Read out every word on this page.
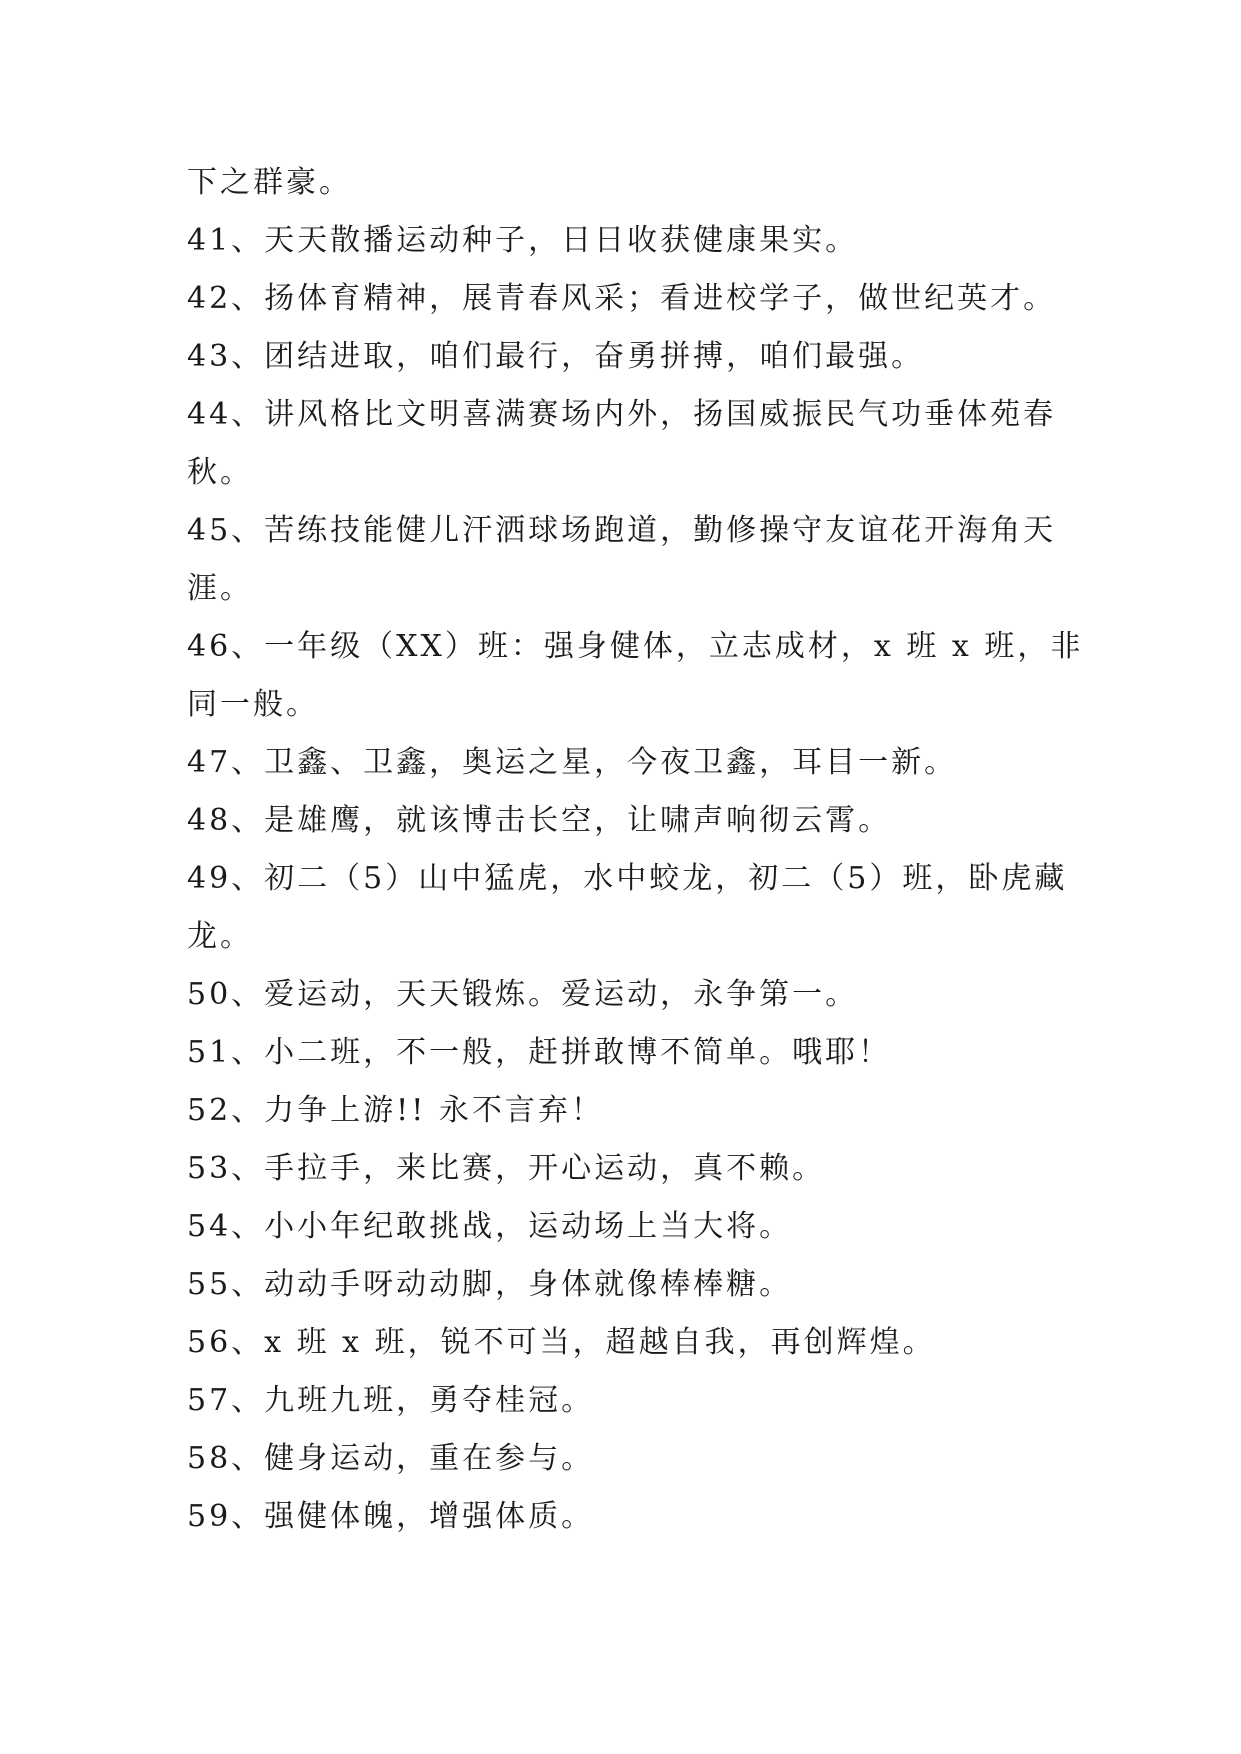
下之群豪。
41、天天散播运动种子，日日收获健康果实。
42、扬体育精神，展青春风采；看进校学子，做世纪英才。
43、团结进取，咱们最行，奋勇拼搏，咱们最强。
44、讲风格比文明喜满赛场内外，扬国威振民气功垂体苑春
秋。
45、苦练技能健儿汗洒球场跑道，勤修操守友谊花开海角天
涯。
46、一年级（XX）班：强身健体，立志成材，x 班 x 班，非
同一般。
47、卫鑫、卫鑫，奥运之星，今夜卫鑫，耳目一新。
48、是雄鹰，就该博击长空，让啸声响彻云霄。
49、初二（5）山中猛虎，水中蛟龙，初二（5）班，卧虎藏
龙。
50、爱运动，天天锻炼。爱运动，永争第一。
51、小二班，不一般，赶拼敢博不简单。哦耶！
52、力争上游!! 永不言弃！
53、手拉手，来比赛，开心运动，真不赖。
54、小小年纪敢挑战，运动场上当大将。
55、动动手呀动动脚，身体就像棒棒糖。
56、x 班 x 班，锐不可当，超越自我，再创辉煌。
57、九班九班，勇夺桂冠。
58、健身运动，重在参与。
59、强健体魄，增强体质。
